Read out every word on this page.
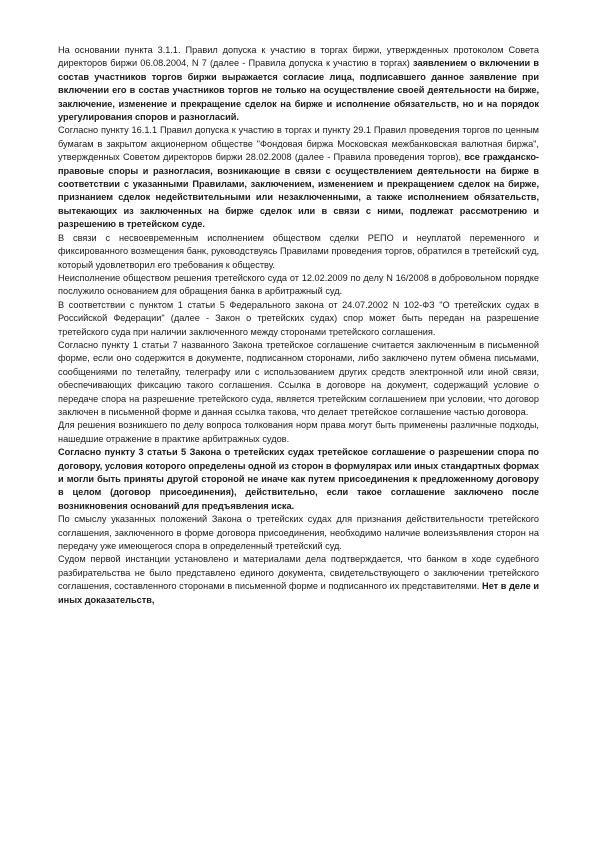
На основании пункта 3.1.1. Правил допуска к участию в торгах биржи, утвержденных протоколом Совета директоров биржи 06.08.2004, N 7 (далее - Правила допуска к участию в торгах) заявлением о включении в состав участников торгов биржи выражается согласие лица, подписавшего данное заявление при включении его в состав участников торгов не только на осуществление своей деятельности на бирже, заключение, изменение и прекращение сделок на бирже и исполнение обязательств, но и на порядок урегулирования споров и разногласий.

Согласно пункту 16.1.1 Правил допуска к участию в торгах и пункту 29.1 Правил проведения торгов по ценным бумагам в закрытом акционерном обществе "Фондовая биржа Московская межбанковская валютная биржа", утвержденных Советом директоров биржи 28.02.2008 (далее - Правила проведения торгов), все гражданско-правовые споры и разногласия, возникающие в связи с осуществлением деятельности на бирже в соответствии с указанными Правилами, заключением, изменением и прекращением сделок на бирже, признанием сделок недействительными или незаключенными, а также исполнением обязательств, вытекающих из заключенных на бирже сделок или в связи с ними, подлежат рассмотрению и разрешению в третейском суде.

В связи с несвоевременным исполнением обществом сделки РЕПО и неуплатой переменного и фиксированного возмещения банк, руководствуясь Правилами проведения торгов, обратился в третейский суд, который удовлетворил его требования к обществу.

Неисполнение обществом решения третейского суда от 12.02.2009 по делу N 16/2008 в добровольном порядке послужило основанием для обращения банка в арбитражный суд.

В соответствии с пунктом 1 статьи 5 Федерального закона от 24.07.2002 N 102-ФЗ "О третейских судах в Российской Федерации" (далее - Закон о третейских судах) спор может быть передан на разрешение третейского суда при наличии заключенного между сторонами третейского соглашения.

Согласно пункту 1 статьи 7 названного Закона третейское соглашение считается заключенным в письменной форме, если оно содержится в документе, подписанном сторонами, либо заключено путем обмена письмами, сообщениями по телетайпу, телеграфу или с использованием других средств электронной или иной связи, обеспечивающих фиксацию такого соглашения. Ссылка в договоре на документ, содержащий условие о передаче спора на разрешение третейского суда, является третейским соглашением при условии, что договор заключен в письменной форме и данная ссылка такова, что делает третейское соглашение частью договора.

Для решения возникшего по делу вопроса толкования норм права могут быть применены различные подходы, нашедшие отражение в практике арбитражных судов.

Согласно пункту 3 статьи 5 Закона о третейских судах третейское соглашение о разрешении спора по договору, условия которого определены одной из сторон в формулярах или иных стандартных формах и могли быть приняты другой стороной не иначе как путем присоединения к предложенному договору в целом (договор присоединения), действительно, если такое соглашение заключено после возникновения оснований для предъявления иска.

По смыслу указанных положений Закона о третейских судах для признания действительности третейского соглашения, заключенного в форме договора присоединения, необходимо наличие волеизъявления сторон на передачу уже имеющегося спора в определенный третейский суд.

Судом первой инстанции установлено и материалами дела подтверждается, что банком в ходе судебного разбирательства не было представлено единого документа, свидетельствующего о заключении третейского соглашения, составленного сторонами в письменной форме и подписанного их представителями. Нет в деле и иных доказательств,
